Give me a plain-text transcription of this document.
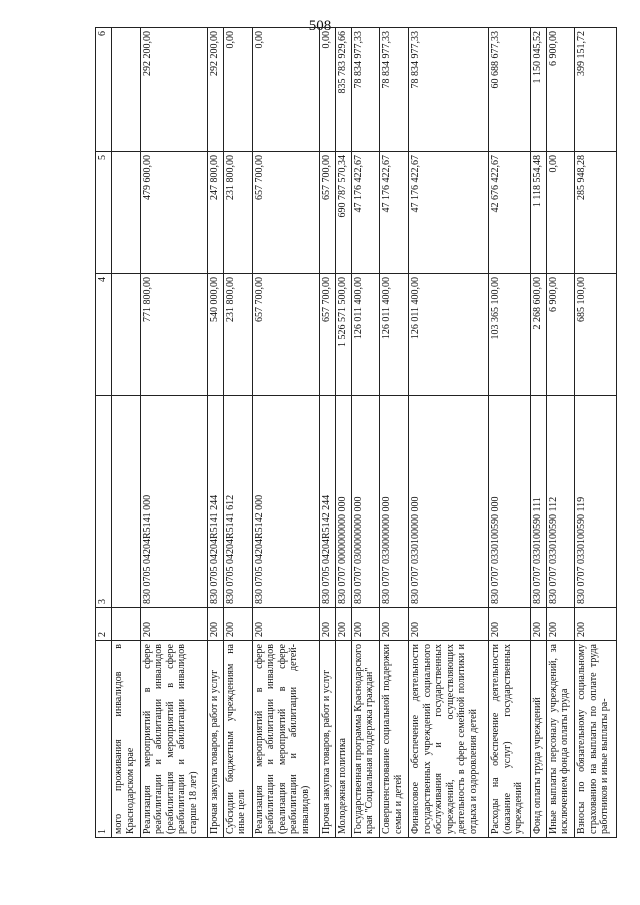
508
1	2	3	4	5	6
мого проживания инвалидов в Краснодарском крае					
Реализация мероприятий в сфере реабилитации и абилитации инвалидов (реабилитация мероприятий в сфере реабилитации и абилитации инвалидов старше 18 лет)	200	830 0705 04204R5141 000	771 800,00	479 600,00	292 200,00
Прочая закупка товаров, работ и услуг	200	830 0705 04204R5141 244	540 000,00	247 800,00	292 200,00
Субсидии бюджетным учреждениям на иные цели	200	830 0705 04204R5141 612	231 800,00	231 800,00	0,00
Реализация мероприятий в сфере реабилитации и абилитации инвалидов (реализация мероприятий в сфере реабилитации и абилитации детей-инвалидов)	200	830 0705 04204R5142 000	657 700,00	657 700,00	0,00
Прочая закупка товаров, работ и услуг	200	830 0705 04204R5142 244	657 700,00	657 700,00	0,00
Молодежная политика	200	830 0707 0000000000 000	1 526 571 500,00	690 787 570,34	835 783 929,66
Государственная программа Краснодарского края "Социальная поддержка граждан"	200	830 0707 0300000000 000	126 011 400,00	47 176 422,67	78 834 977,33
Совершенствование социальной поддержки семьи и детей	200	830 0707 0330000000 000	126 011 400,00	47 176 422,67	78 834 977,33
Финансовое обеспечение деятельности государственных учреждений социального обслуживания и государственных учреждений, осуществляющих деятельность в сфере семейной политики и отдыха и оздоровления детей	200	830 0707 0330100000 000	126 011 400,00	47 176 422,67	78 834 977,33
Расходы на обеспечение деятельности (оказание услуг) государственных учреждений	200	830 0707 0330100590 000	103 365 100,00	42 676 422,67	60 688 677,33
Фонд оплаты труда учреждений	200	830 0707 0330100590 111	2 268 600,00	1 118 554,48	1 150 045,52
Иные выплаты персоналу учреждений, за исключением фонда оплаты труда	200	830 0707 0330100590 112	6 900,00	0,00	6 900,00
Взносы по обязательному социальному страхованию на выплаты по оплате труда работников и иные выплаты ра-	200	830 0707 0330100590 119	685 100,00	285 948,28	399 151,72
